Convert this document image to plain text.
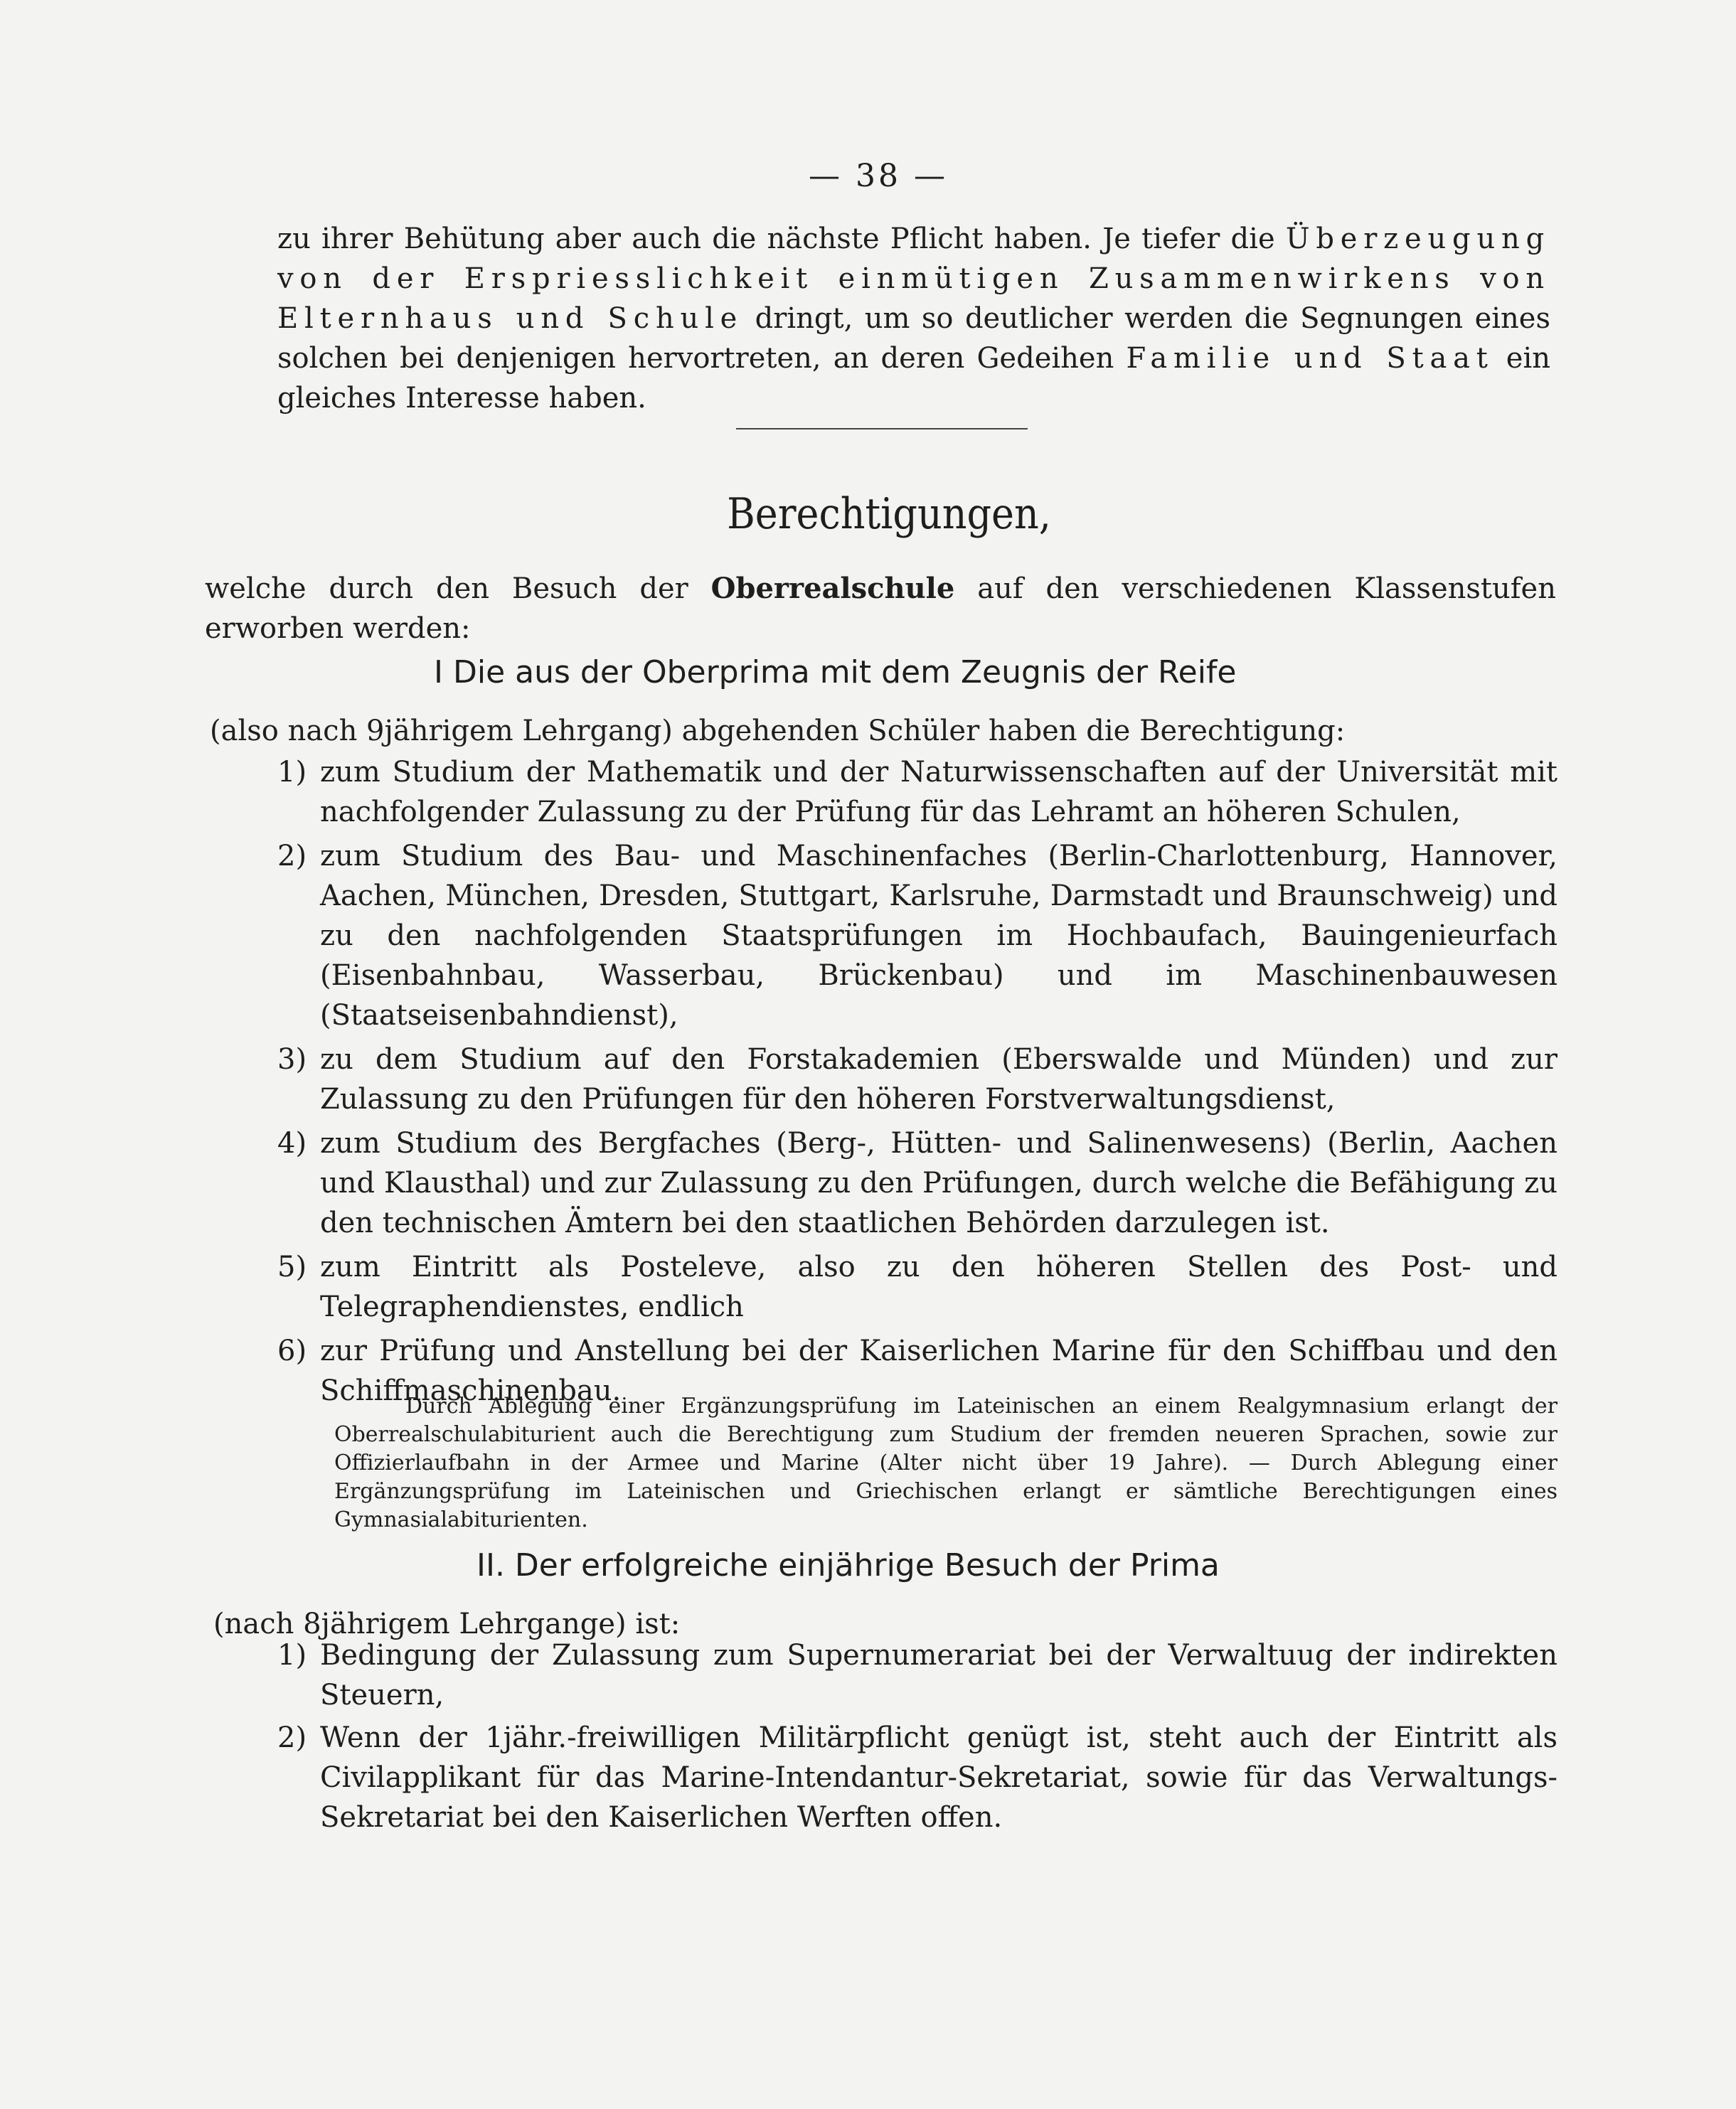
— 38 —

zu ihrer Behütung aber auch die nächste Pflicht haben. Je tiefer die Überzeugung von der Erspriesslichkeit einmütigen Zusammenwirkens von Elternhaus und Schule dringt, um so deutlicher werden die Segnungen eines solchen bei denjenigen hervortreten, an deren Gedeihen Familie und Staat ein gleiches Interesse haben.

Berechtigungen,

welche durch den Besuch der Oberrealschule auf den verschiedenen Klassenstufen erworben werden:

I Die aus der Oberprima mit dem Zeugnis der Reife

(also nach 9jährigem Lehrgang) abgehenden Schüler haben die Berechtigung:

1) zum Studium der Mathematik und der Naturwissenschaften auf der Universität mit nachfolgender Zulassung zu der Prüfung für das Lehramt an höheren Schulen,
2) zum Studium des Bau- und Maschinenfaches (Berlin-Charlottenburg, Hannover, Aachen, München, Dresden, Stuttgart, Karlsruhe, Darmstadt und Braunschweig) und zu den nachfolgenden Staatsprüfungen im Hochbaufach, Bauingenieurfach (Eisenbahnbau, Wasserbau, Brückenbau) und im Maschinenbauwesen (Staatseisenbahndienst),
3) zu dem Studium auf den Forstakademien (Eberswalde und Münden) und zur Zulassung zu den Prüfungen für den höheren Forstverwaltungsdienst,
4) zum Studium des Bergfaches (Berg-, Hütten- und Salinenwesens) (Berlin, Aachen und Klausthal) und zur Zulassung zu den Prüfungen, durch welche die Befähigung zu den technischen Ämtern bei den staatlichen Behörden darzulegen ist.
5) zum Eintritt als Posteleve, also zu den höheren Stellen des Post- und Telegraphendienstes, endlich
6) zur Prüfung und Anstellung bei der Kaiserlichen Marine für den Schiffbau und den Schiffmaschinenbau.

Durch Ablegung einer Ergänzungsprüfung im Lateinischen an einem Realgymnasium erlangt der Oberrealschulabiturient auch die Berechtigung zum Studium der fremden neueren Sprachen, sowie zur Offizierlaufbahn in der Armee und Marine (Alter nicht über 19 Jahre). — Durch Ablegung einer Ergänzungsprüfung im Lateinischen und Griechischen erlangt er sämtliche Berechtigungen eines Gymnasialabiturienten.

II. Der erfolgreiche einjährige Besuch der Prima

(nach 8jährigem Lehrgange) ist:

1) Bedingung der Zulassung zum Supernumerariat bei der Verwaltuug der indirekten Steuern,
2) Wenn der 1jähr.-freiwilligen Militärpflicht genügt ist, steht auch der Eintritt als Civilapplikant für das Marine-Intendantur-Sekretariat, sowie für das Verwaltungs-Sekretariat bei den Kaiserlichen Werften offen.
